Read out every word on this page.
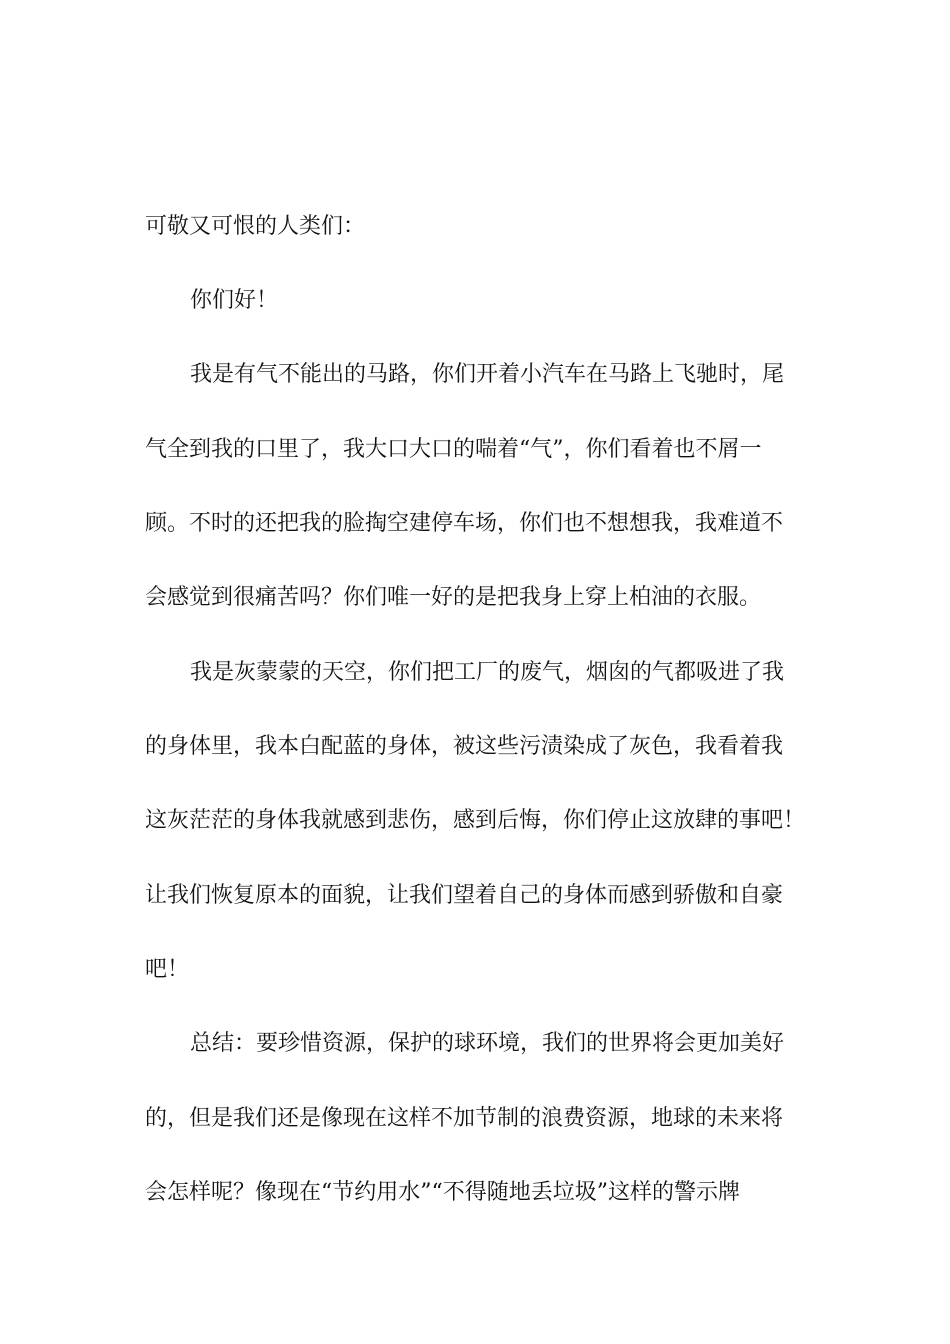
可敬又可恨的人类们：
你们好！
我是有气不能出的马路，你们开着小汽车在马路上飞驰时，尾
气全到我的口里了，我大口大口的喘着“气”，你们看着也不屑一
顾。不时的还把我的脸掏空建停车场，你们也不想想我，我难道不
会感觉到很痛苦吗？你们唯一好的是把我身上穿上柏油的衣服。
我是灰蒙蒙的天空，你们把工厂的废气，烟囱的气都吸进了我
的身体里，我本白配蓝的身体，被这些污渍染成了灰色，我看着我
这灰茫茫的身体我就感到悲伤，感到后悔，你们停止这放肆的事吧！
让我们恢复原本的面貌，让我们望着自己的身体而感到骄傲和自豪
吧！
总结：要珍惜资源，保护的球环境，我们的世界将会更加美好
的，但是我们还是像现在这样不加节制的浪费资源，地球的未来将
会怎样呢？像现在“节约用水”“不得随地丢垃圾”这样的警示牌
